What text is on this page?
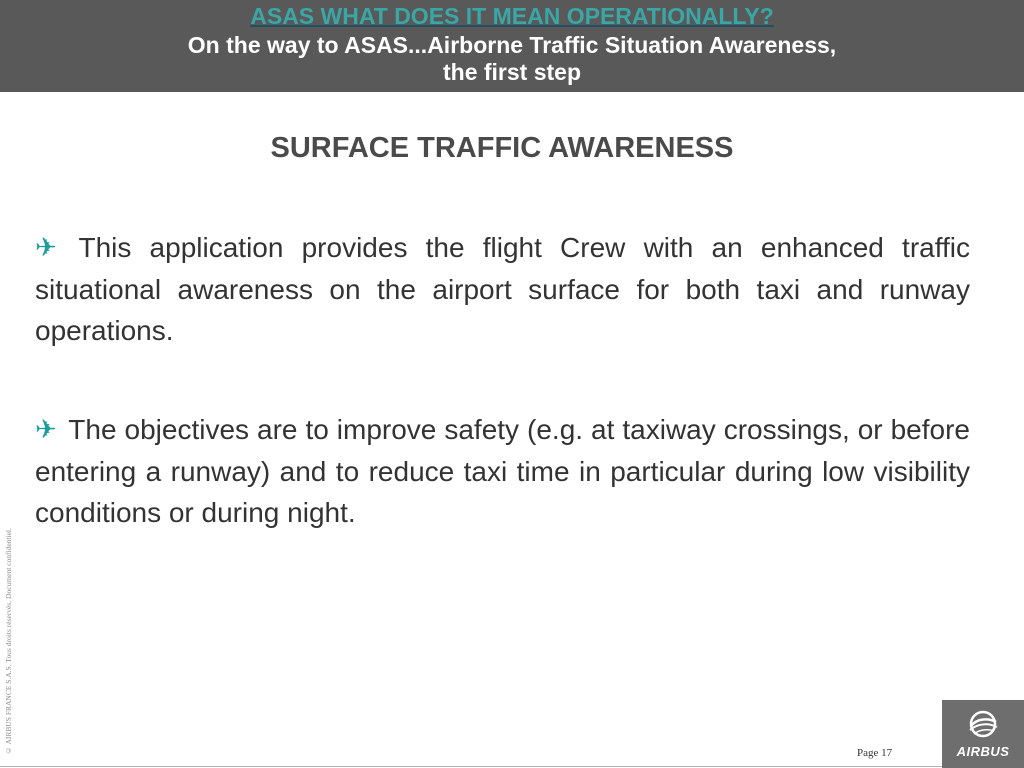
ASAS WHAT DOES IT MEAN OPERATIONALLY?
On the way to ASAS...Airborne Traffic Situation Awareness,
the first step
SURFACE TRAFFIC AWARENESS
✈ This application provides the flight Crew with an enhanced traffic situational awareness on the airport surface for both taxi and runway operations.
✈ The objectives are to improve safety (e.g. at taxiway crossings, or before entering a runway) and to reduce taxi time in particular during low visibility conditions or during night.
© AIRBUS FRANCE S.A.S. Tous droits réservés. Document confidentiel.	Page 17	AIRBUS
